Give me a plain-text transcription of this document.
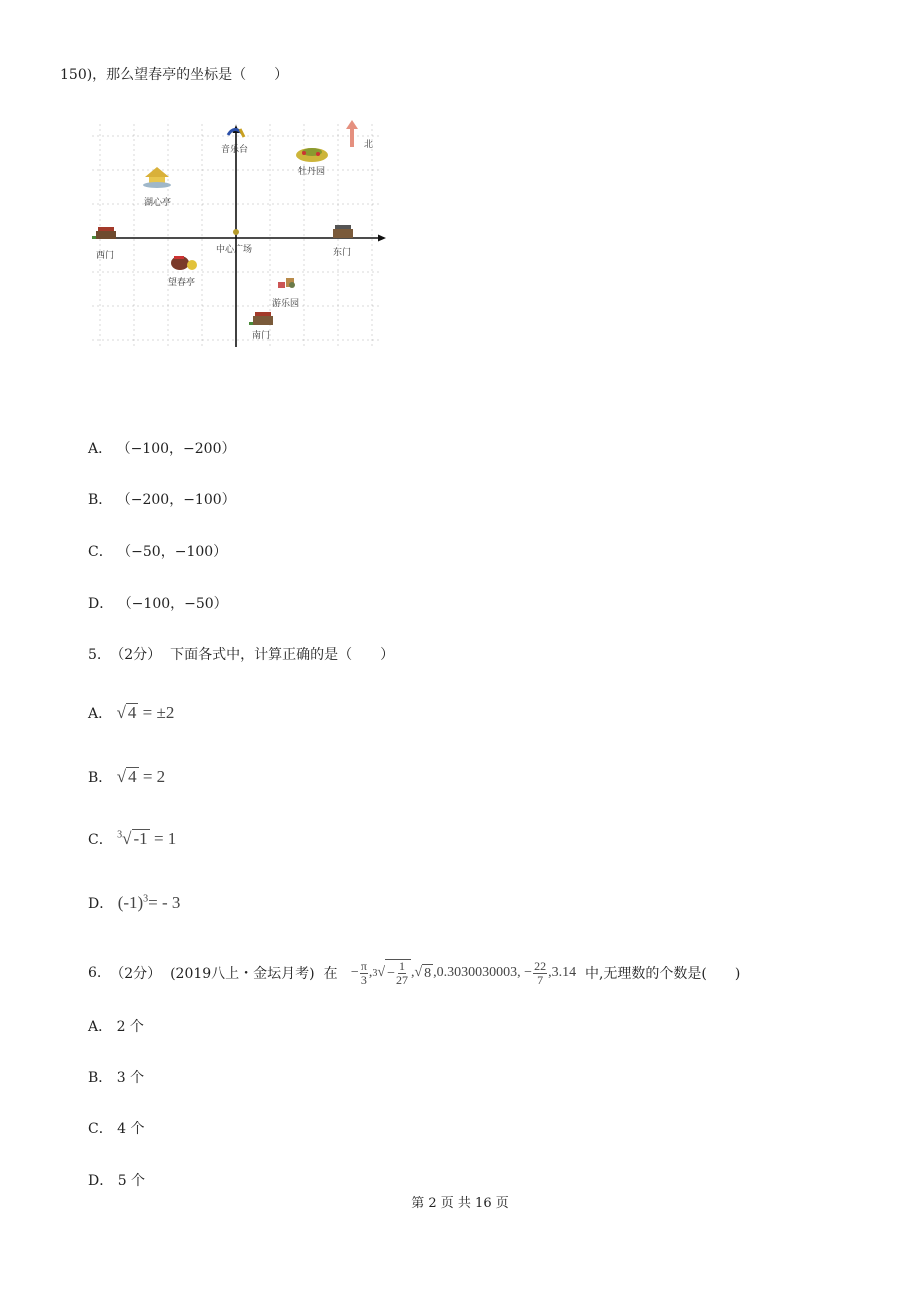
150)，那么望春亭的坐标是（　　）
音乐台
牡丹园
北
湖心亭
西门
中心广场	东门
望春亭
游乐园
南门
A． （−100，−200）
B． （−200，−100）
C． （−50，−100）
D． （−100，−50）
5. （2分） 下面各式中，计算正确的是（　　）
A． √ 4 = ±2
B． √ 4 = 2
C． $^3$√ -1 = 1
D． $(-1)^3= - 3$
6.
（2分）
(2019八上・金坛月考)
在
− $\frac{\pi}{3}$ , 3 √ − $\frac{1}{27}$ , √ 8 , 0.3030030003 ,
− $\frac{22}{7}$ , 3.14
中,无理数的个数是(　　)
A． 2 个
B． 3 个
C． 4 个
D． 5 个
第 2 页 共 16 页
